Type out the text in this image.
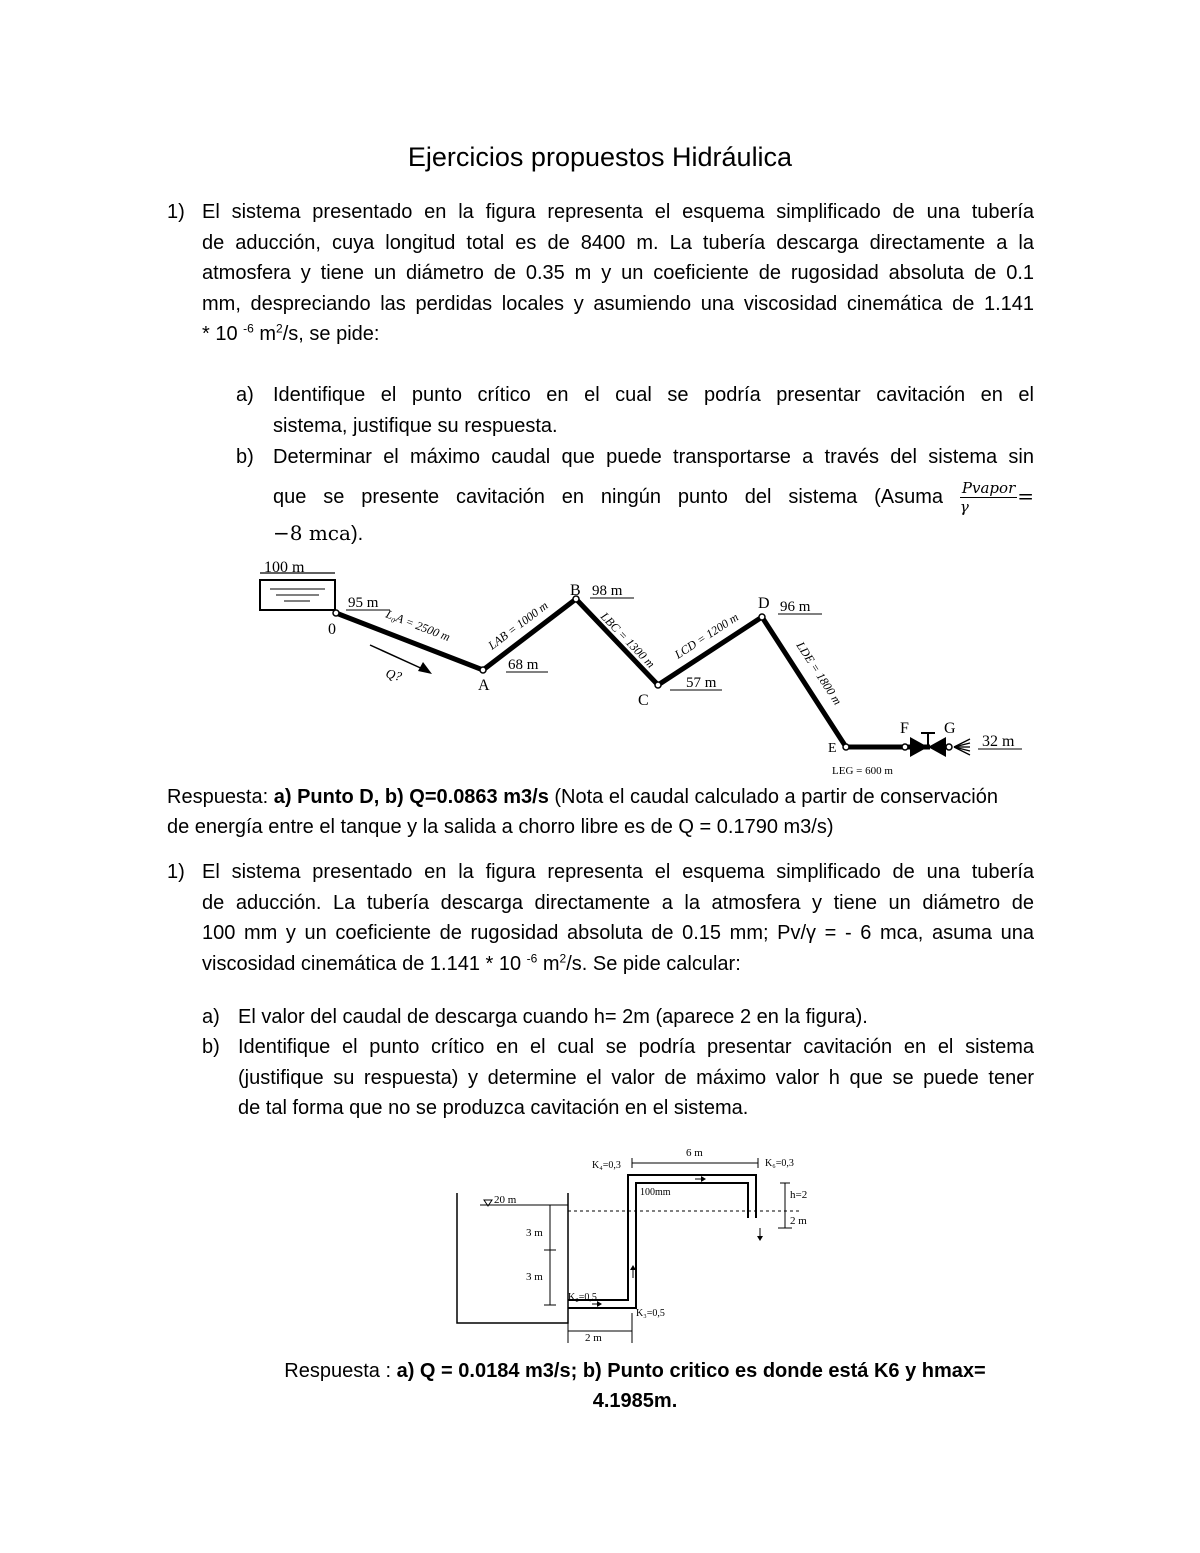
Ejercicios propuestos Hidráulica
1) El sistema presentado en la figura representa el esquema simplificado de una tubería
de aducción, cuya longitud total es de 8400 m. La tubería descarga directamente a la
atmosfera y tiene un diámetro de 0.35 m y un coeficiente de rugosidad absoluta de 0.1
mm, despreciando las perdidas locales y asumiendo una viscosidad cinemática de 1.141
* 10 $^{-6}$ $m^2/s$, se pide:
a) Identifique el punto crítico en el cual se podría presentar cavitación en el
sistema, justifique su respuesta.
b) Determinar el máximo caudal que puede transportarse a través del sistema sin
que se presente cavitación en ningún punto del sistema (Asuma $\frac{\text{Pvapor}}{\gamma}$ =
−8 mca).
100 m
0
95 m
A
68 m
B 98 m
C
57 m
D 96 m
E
F G
32 m
L₀A = 2500 m	LAB = 1000 m	LBC = 1300 m LCD = 1200 m
LDE = 1800 m
LEG = 600 m
Q?
Respuesta: a) Punto D, b) Q=0.0863 m3/s (Nota el caudal calculado a partir de conservación
de energía entre el tanque y la salida a chorro libre es de Q = 0.1790 m3/s)
1) El sistema presentado en la figura representa el esquema simplificado de una tubería
de aducción. La tubería descarga directamente a la atmosfera y tiene un diámetro de
100 mm y un coeficiente de rugosidad absoluta de 0.15 mm; Pv/γ = - 6 mca, asuma una
viscosidad cinemática de 1.141 * 10 $^{-6}$ $m^2/s$. Se pide calcular:
a) El valor del caudal de descarga cuando h= 2m (aparece 2 en la figura).
b) Identifique el punto crítico en el cual se podría presentar cavitación en el sistema
(justifique su respuesta) y determine el valor de máximo valor h que se puede tener
de tal forma que no se produzca cavitación en el sistema.
20 m
3 m
3 m
2 m
6 m
h=2
2 m
K₂=0,5
K₃=0,5
K₄=0,3	K₆=0,3
100mm
Respuesta : a) Q = 0.0184 m3/s; b) Punto critico es donde está K6 y hmax=
4.1985m.
